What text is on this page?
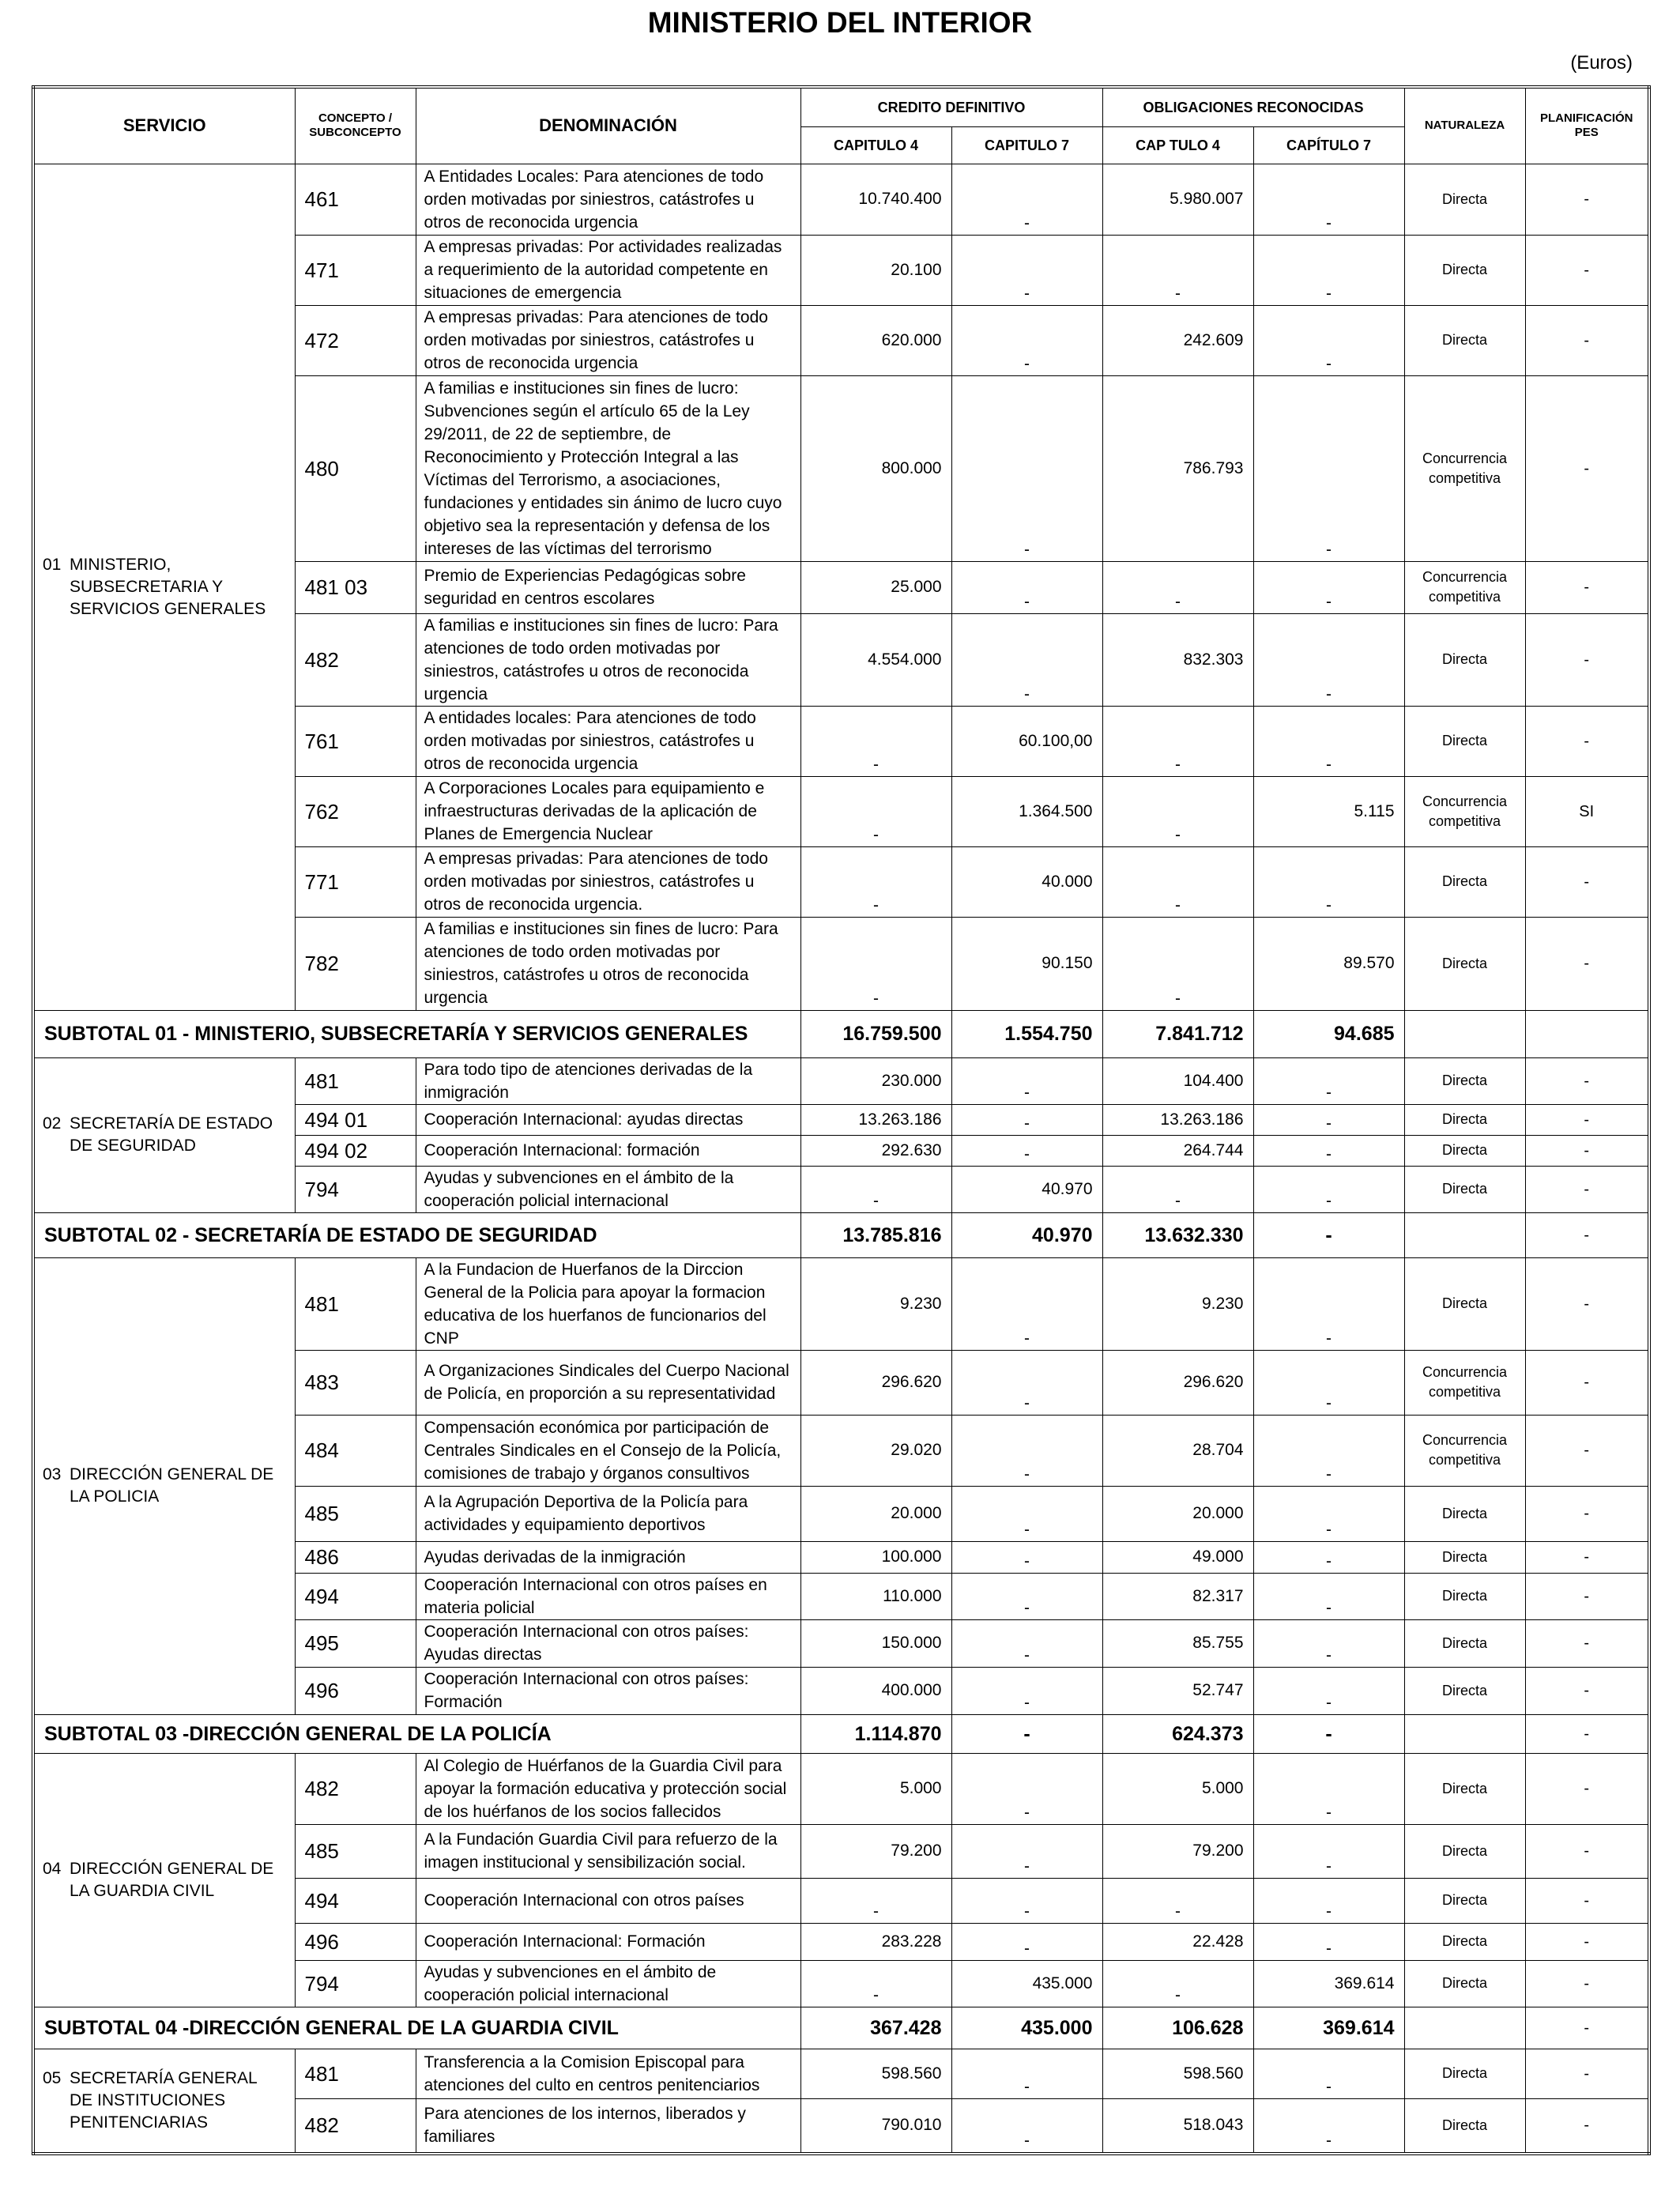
MINISTERIO DEL INTERIOR
(Euros)
SERVICIO	CONCEPTO /
SUBCONCEPTO	DENOMINACIÓN	CREDITO DEFINITIVO		OBLIGACIONES RECONOCIDAS		NATURALEZA	PLANIFICACIÓN
PES
			CAPITULO 4	CAPITULO 7	CAP TULO 4	CAPÍTULO 7		
01 MINISTERIO, SUBSECRETARIA Y SERVICIOS GENERALES	461	A Entidades Locales: Para atenciones de todo orden motivadas por siniestros, catástrofes u otros de reconocida urgencia	10.740.400	-	5.980.007	-	Directa	-
	471	A empresas privadas: Por actividades realizadas a requerimiento de la autoridad competente en situaciones de emergencia	20.100	-	-	-	Directa	-
	472	A empresas privadas: Para atenciones de todo orden motivadas por siniestros, catástrofes u otros de reconocida urgencia	620.000	-	242.609	-	Directa	-
	480	A familias e instituciones sin fines de lucro: Subvenciones según el artículo 65 de la Ley 29/2011, de 22 de septiembre, de Reconocimiento y Protección Integral a las Víctimas del Terrorismo, a asociaciones, fundaciones y entidades sin ánimo de lucro cuyo objetivo sea la representación y defensa de los intereses de las víctimas del terrorismo	800.000	-	786.793	-	Concurrencia competitiva	-
	481 03	Premio de Experiencias Pedagógicas sobre seguridad en centros escolares	25.000	-	-	-	Concurrencia competitiva	-
	482	A familias e instituciones sin fines de lucro: Para atenciones de todo orden motivadas por siniestros, catástrofes u otros de reconocida urgencia	4.554.000	-	832.303	-	Directa	-
	761	A entidades locales: Para atenciones de todo orden motivadas por siniestros, catástrofes u otros de reconocida urgencia	-	60.100,00	-	-	Directa	-
	762	A Corporaciones Locales para equipamiento e infraestructuras derivadas de la aplicación de Planes de Emergencia Nuclear	-	1.364.500	-	5.115	Concurrencia competitiva	SI
	771	A empresas privadas: Para atenciones de todo orden motivadas por siniestros, catástrofes u otros de reconocida urgencia.	-	40.000	-	-	Directa	-
	782	A familias e instituciones sin fines de lucro: Para atenciones de todo orden motivadas por siniestros, catástrofes u otros de reconocida urgencia	-	90.150	-	89.570	Directa	-
SUBTOTAL 01 - MINISTERIO, SUBSECRETARÍA Y SERVICIOS GENERALES			16.759.500	1.554.750	7.841.712	94.685		
02 SECRETARÍA DE ESTADO DE SEGURIDAD	481	Para todo tipo de atenciones derivadas de la inmigración	230.000	-	104.400	-	Directa	-
	494 01	Cooperación Internacional: ayudas directas	13.263.186	-	13.263.186	-	Directa	-
	494 02	Cooperación Internacional: formación	292.630	-	264.744	-	Directa	-
	794	Ayudas y subvenciones en el ámbito de la cooperación policial internacional	-	40.970	-	-	Directa	-
SUBTOTAL 02 - SECRETARÍA DE ESTADO DE SEGURIDAD			13.785.816	40.970	13.632.330	-		-
03 DIRECCIÓN GENERAL DE LA POLICIA	481	A la Fundacion de Huerfanos de la Dirccion General de la Policia para apoyar la formacion educativa de los huerfanos de funcionarios del CNP	9.230	-	9.230	-	Directa	-
	483	A Organizaciones Sindicales del Cuerpo Nacional de Policía, en proporción a su representatividad	296.620	-	296.620	-	Concurrencia competitiva	-
	484	Compensación económica por participación de Centrales Sindicales en el Consejo de la Policía, comisiones de trabajo y órganos consultivos	29.020	-	28.704	-	Concurrencia competitiva	-
	485	A la Agrupación Deportiva de la Policía para actividades y equipamiento deportivos	20.000	-	20.000	-	Directa	-
	486	Ayudas derivadas de la inmigración	100.000	-	49.000	-	Directa	-
	494	Cooperación Internacional con otros países en materia policial	110.000	-	82.317	-	Directa	-
	495	Cooperación Internacional con otros países: Ayudas directas	150.000	-	85.755	-	Directa	-
	496	Cooperación Internacional con otros países: Formación	400.000	-	52.747	-	Directa	-
SUBTOTAL 03 -DIRECCIÓN GENERAL DE LA POLICÍA			1.114.870	-	624.373	-		-
04 DIRECCIÓN GENERAL DE LA GUARDIA CIVIL	482	Al Colegio de Huérfanos de la Guardia Civil para apoyar la formación educativa y protección social de los huérfanos de los socios fallecidos	5.000	-	5.000	-	Directa	-
	485	A la Fundación Guardia Civil para refuerzo de la imagen institucional y sensibilización social.	79.200	-	79.200	-	Directa	-
	494	Cooperación Internacional con otros países	-	-	-	-	Directa	-
	496	Cooperación Internacional: Formación	283.228	-	22.428	-	Directa	-
	794	Ayudas y subvenciones en el ámbito de cooperación policial internacional	-	435.000	-	369.614	Directa	-
SUBTOTAL 04 -DIRECCIÓN GENERAL DE LA GUARDIA CIVIL			367.428	435.000	106.628	369.614		-
05 SECRETARÍA GENERAL DE INSTITUCIONES PENITENCIARIAS	481	Transferencia a la Comision Episcopal para atenciones del culto en centros penitenciarios	598.560	-	598.560	-	Directa	-
	482	Para atenciones de los internos, liberados y familiares	790.010	-	518.043	-	Directa	-
